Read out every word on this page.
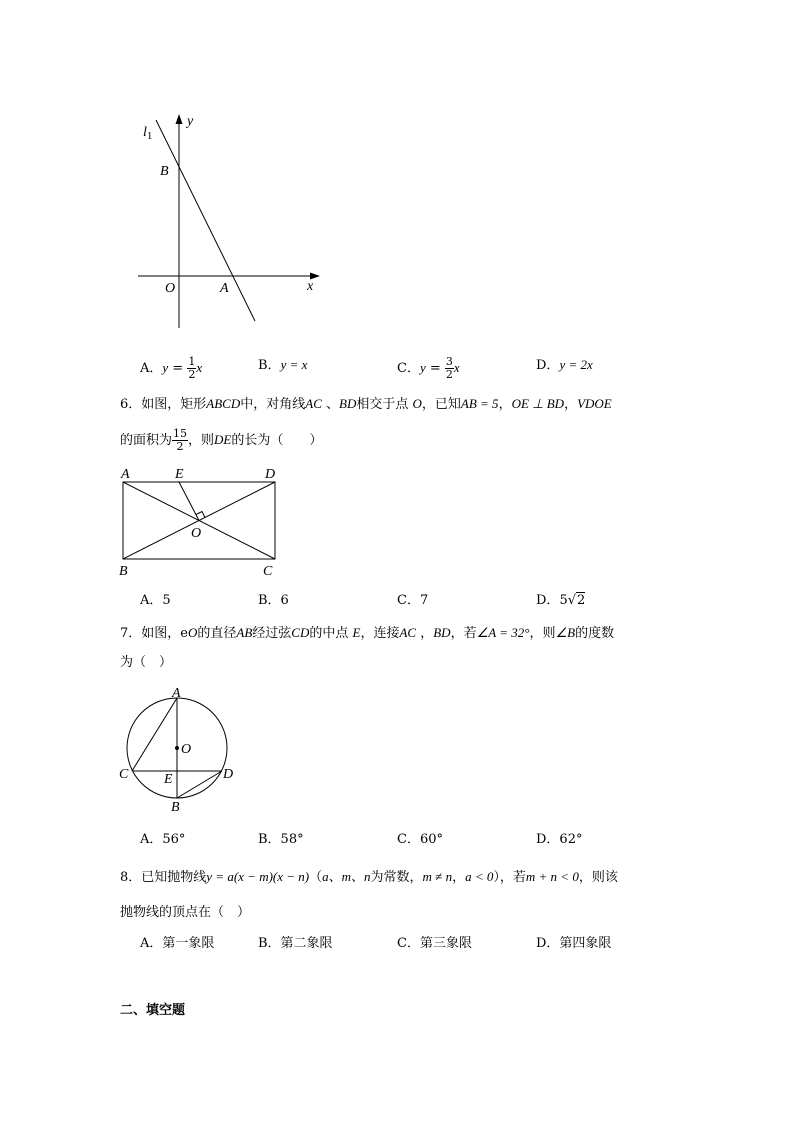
$l_1$
y
x
B
O	A
A．$y = \frac{1}{2}$ x	B．y = x	C．$y = \frac{3}{2}$ x	D．y = 2x
6．如图，矩形ABCD中，对角线AC 、BD相交于点 O，已知AB = 5，OE ⊥ BD，VDOE
的面积为 $\frac{15}{2}$ ，则DE的长为（　　）
A	E	D
O
B	C
A．5	B．6	C．7	D．5√2
7．如图，eO的直径AB经过弦CD的中点 E，连接AC ，BD，若∠A = 32°，则∠B的度数
为（　）
A
O
C	E	D
B
A．56°	B．58°	C．60°	D．62°
8．已知抛物线y = a(x − m)(x − n)（a、m、n为常数，m ≠ n，a < 0），若m + n < 0，则该
抛物线的顶点在（　）
A．第一象限	B．第二象限	C．第三象限	D．第四象限
二、填空题
